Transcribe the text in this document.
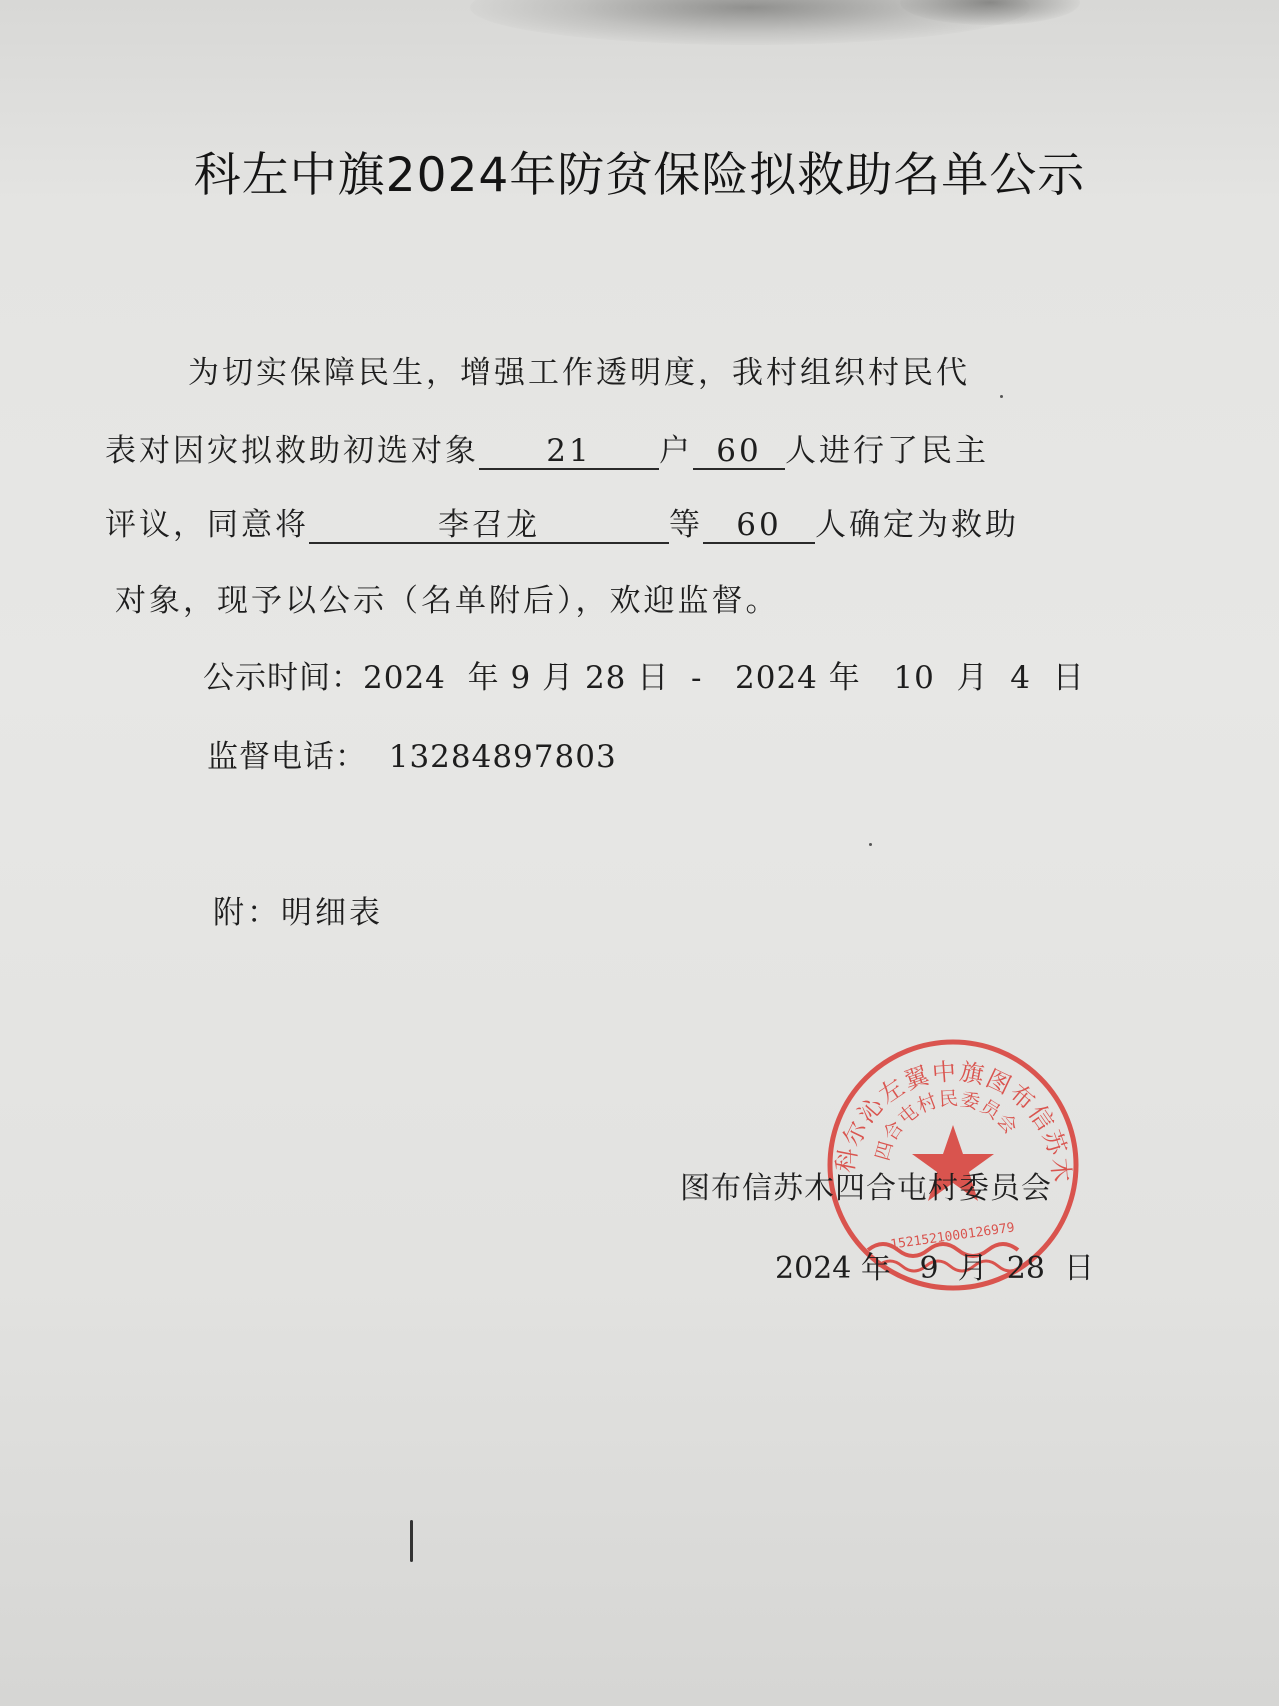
科左中旗2024年防贫保险拟救助名单公示
为切实保障民生，增强工作透明度，我村组织村民代
表对因灾拟救助初选对象 21 户 60 人进行了民主
评议，同意将	李召龙	等 60 人确定为救助
对象，现予以公示（名单附后），欢迎监督。
公示时间：2024 年 9 月 28 日 - 2024 年 10 月 4 日
监督电话： 13284897803
附：明细表
科尔沁左翼中旗图布信苏木
四合屯村民委员会
1521521000126979
图布信苏木四合屯村委员会
2024 年 9 月 28 日
